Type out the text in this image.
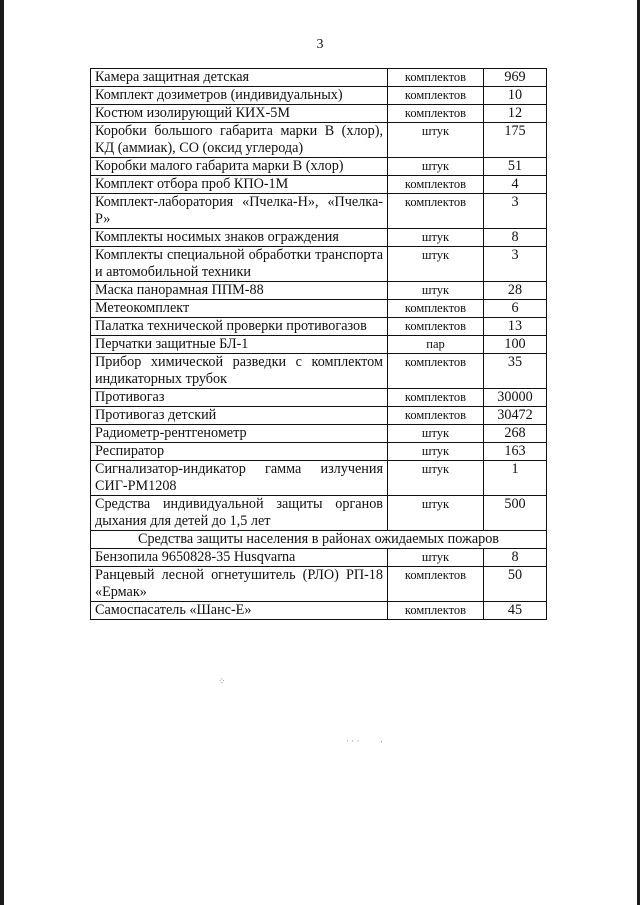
3
Камера защитная детская	комплектов	969
Комплект дозиметров (индивидуальных)	комплектов	10
Костюм изолирующий КИХ-5М	комплектов	12
Коробки большого габарита марки В (хлор), КД (аммиак), СО (оксид углерода)	штук	175
Коробки малого габарита марки В (хлор)	штук	51
Комплект отбора проб КПО-1М	комплектов	4
Комплект-лаборатория «Пчелка-Н», «Пчелка-Р»	комплектов	3
Комплекты носимых знаков ограждения	штук	8
Комплекты специальной обработки транспорта и автомобильной техники	штук	3
Маска панорамная ППМ-88	штук	28
Метеокомплект	комплектов	6
Палатка технической проверки противогазов	комплектов	13
Перчатки защитные БЛ-1	пар	100
Прибор химической разведки с комплектом индикаторных трубок	комплектов	35
Противогаз	комплектов	30000
Противогаз детский	комплектов	30472
Радиометр-рентгенометр	штук	268
Респиратор	штук	163
Сигнализатор-индикатор гамма излучения СИГ-РМ1208	штук	1
Средства индивидуальной защиты органов дыхания для детей до 1,5 лет	штук	500
Средства защиты населения в районах ожидаемых пожаров		
Бензопила 9650828-35 Husqvarna	штук	8
Ранцевый лесной огнетушитель (РЛО) РП-18 «Ермак»	комплектов	50
Самоспасатель «Шанс-Е»	комплектов	45
⁘
· · · ‧
